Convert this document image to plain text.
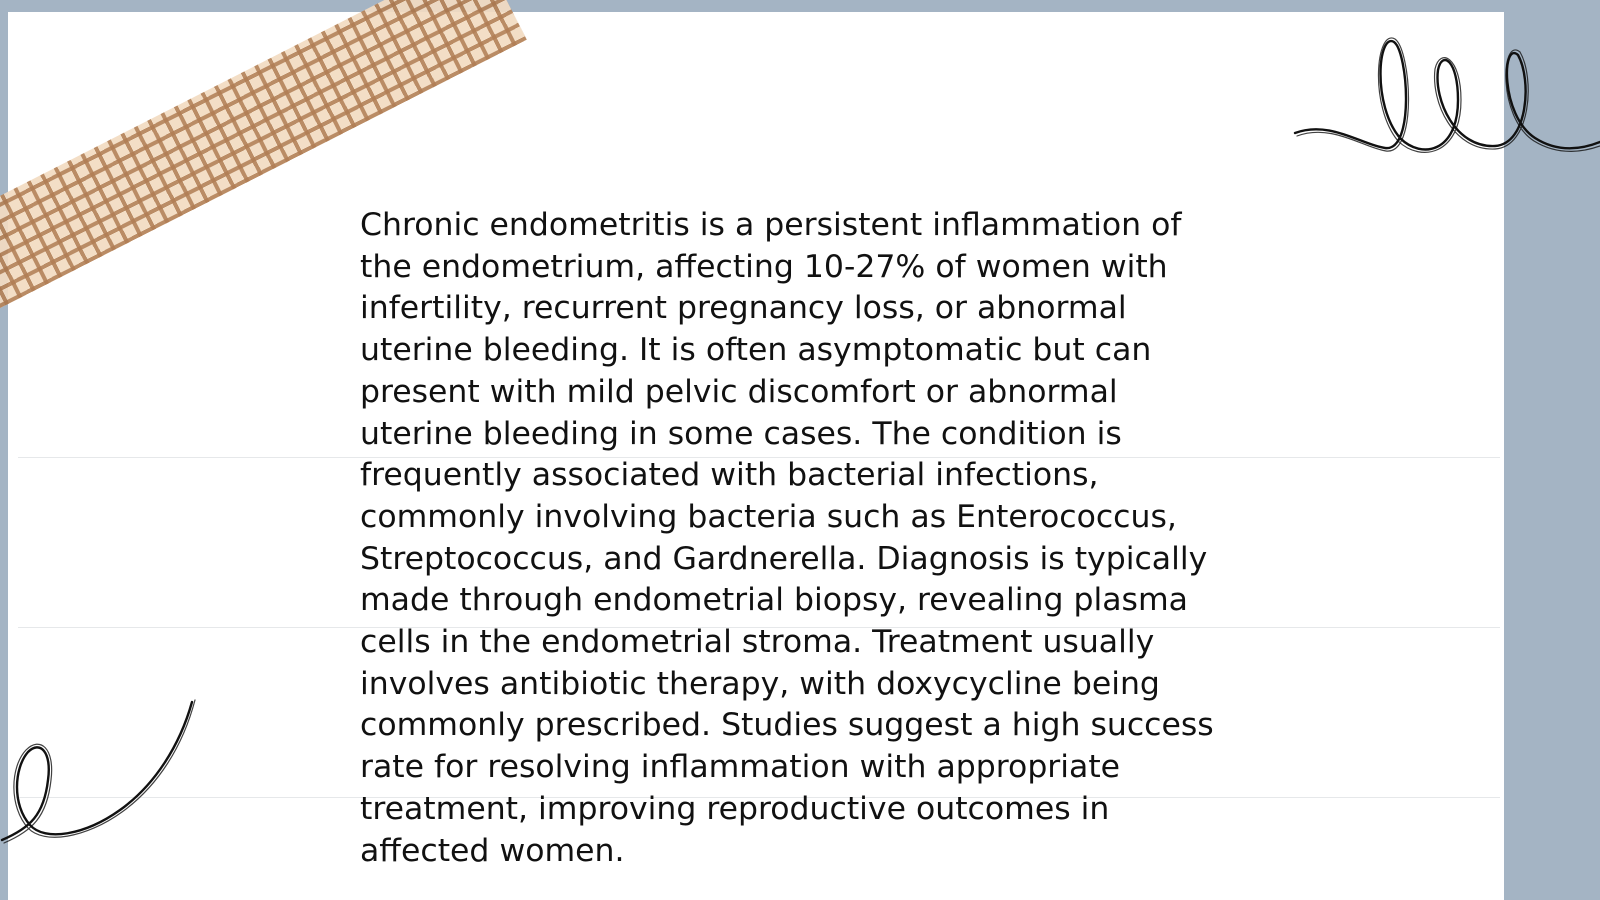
Chronic endometritis is a persistent inflammation of the endometrium, affecting 10-27% of women with infertility, recurrent pregnancy loss, or abnormal uterine bleeding. It is often asymptomatic but can present with mild pelvic discomfort or abnormal uterine bleeding in some cases. The condition is frequently associated with bacterial infections, commonly involving bacteria such as Enterococcus, Streptococcus, and Gardnerella. Diagnosis is typically made through endometrial biopsy, revealing plasma cells in the endometrial stroma. Treatment usually involves antibiotic therapy, with doxycycline being commonly prescribed. Studies suggest a high success rate for resolving inflammation with appropriate treatment, improving reproductive outcomes in affected women.
